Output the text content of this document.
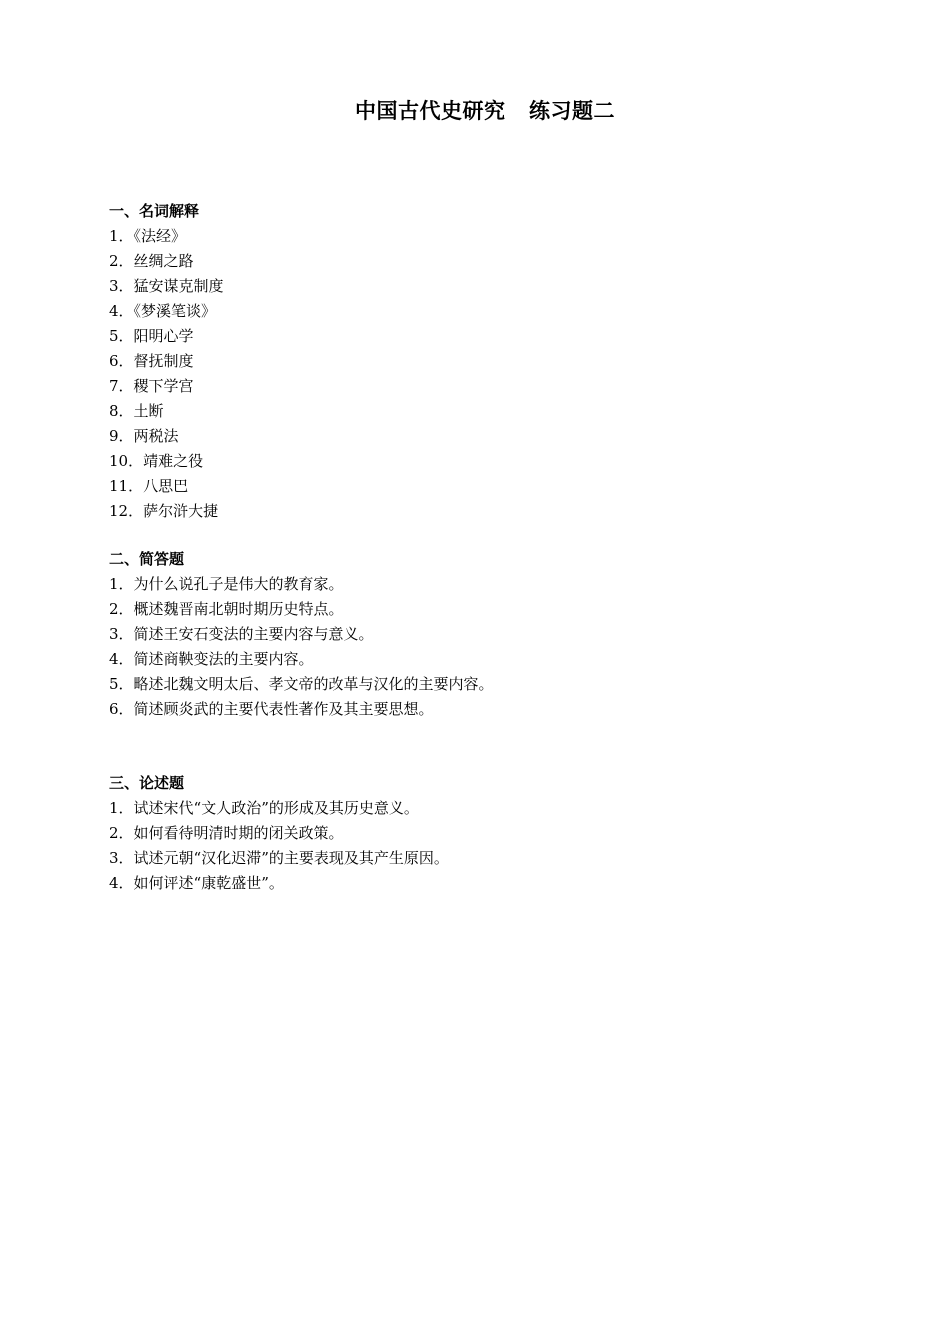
中国古代史研究   练习题二
一、名词解释
1．《法经》
2．丝绸之路
3．猛安谋克制度
4．《梦溪笔谈》
5．阳明心学
6．督抚制度
7．稷下学宫
8．土断
9．两税法
10．靖难之役
11．八思巴
12．萨尔浒大捷
二、简答题
1．为什么说孔子是伟大的教育家。
2．概述魏晋南北朝时期历史特点。
3．简述王安石变法的主要内容与意义。
4．简述商鞅变法的主要内容。
5．略述北魏文明太后、孝文帝的改革与汉化的主要内容。
6．简述顾炎武的主要代表性著作及其主要思想。
三、论述题
1．试述宋代“文人政治”的形成及其历史意义。
2．如何看待明清时期的闭关政策。
3．试述元朝“汉化迟滞”的主要表现及其产生原因。
4．如何评述“康乾盛世”。
